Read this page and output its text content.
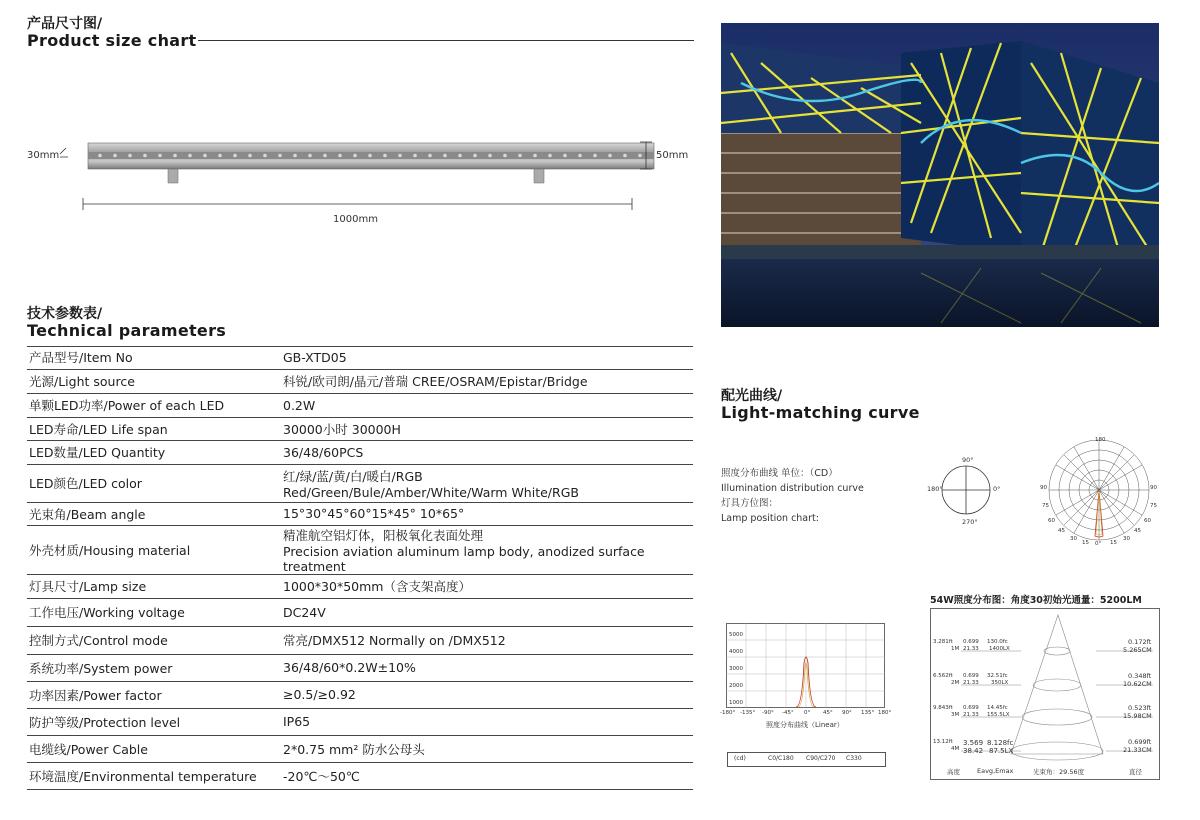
产品尺寸图/
Product size chart
30mm	50mm
1000mm
技术参数表/
Technical parameters
产品型号/Item No	GB-XTD05
光源/Light source	科锐/欧司朗/晶元/普瑞 CREE/OSRAM/Epistar/Bridge
单颗LED功率/Power of each LED	0.2W
LED寿命/LED Life span	30000小时 30000H
LED数量/LED Quantity	36/48/60PCS
LED颜色/LED color	红/绿/蓝/黄/白/暖白/RGB
Red/Green/Bule/Amber/White/Warm White/RGB

光束角/Beam angle	15°30°45°60°15*45° 10*65°
外壳材质/Housing material	精准航空铝灯体，阳极氧化表面处理
Precision aviation aluminum lamp body, anodized surface treatment

灯具尺寸/Lamp size	1000*30*50mm（含支架高度）
工作电压/Working voltage	DC24V
控制方式/Control mode	常亮/DMX512 Normally on /DMX512
系统功率/System power	36/48/60*0.2W±10%
功率因素/Power factor	≥0.5/≥0.92
防护等级/Protection level	IP65
电缆线/Power Cable	2*0.75 mm² 防水公母头
环境温度/Environmental temperature	-20℃～50℃
配光曲线/
Light-matching curve
照度分布曲线 单位：（CD）
Illumination distribution curve
灯具方位图：
Lamp position chart:
90°
180°	0°
270°
180
90	90
75	75
60	60
45	45
30	30
15	15
0°
5000
4000
3000
2000
1000
-180° -135° -90° -45° 0° 45° 90° 135° 180°
照度分布曲线（Linear）
(cd)	C0/C180 C90/C270 C330
54W照度分布图：角度30初始光通量：5200LM
3.281ft
1M
0.699 130.0fc
21.33 1400LX
0.172ft
5.265CM
6.562ft
2M
0.699 32.51fc
21.33 350LX
0.348ft
10.62CM
9.843ft
3M
0.699 14.45fc
21.33 155.5LX
0.523ft
15.98CM
13.12ft
4M
3.569 8.128fc
38.42 87.5LX
0.699ft
21.33CM
高度	Eavg,Emax	光束角：29.56度	直径
